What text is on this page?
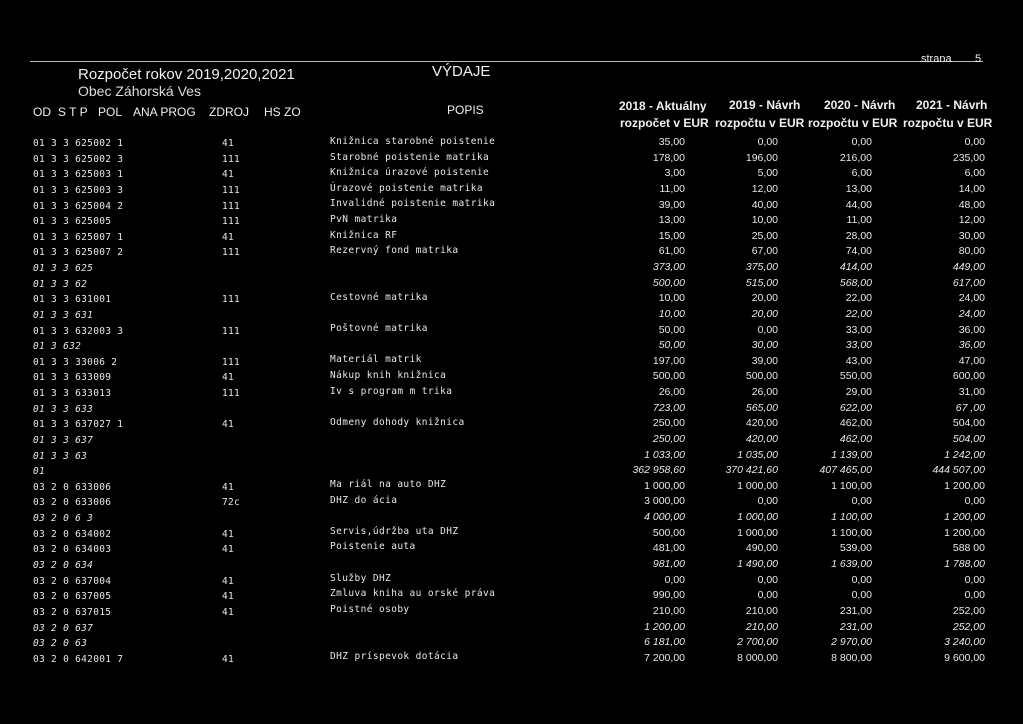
strana 5
Rozpočet rokov 2019,2020,2021
Obec Záhorská Ves
VÝDAJE
OD S T P POL ANA PROG ZDROJ HS ZO	POPIS	2018 - Aktuálny
rozpočet v EUR
2019 - Návrh
rozpočtu v EUR
2020 - Návrh
rozpočtu v EUR
2021 - Návrh
rozpočtu v EUR
01 3 3 625002 1	41	Knižnica starobné poistenie	35,00	0,00	0,00	0,00
01 3 3 625002 3	111	Starobné poistenie matrika	178,00	196,00	216,00	235,00
01 3 3 625003 1	41	Knižnica úrazové poistenie	3,00	5,00	6,00	6,00
01 3 3 625003 3	111	Úrazové poistenie matrika	11,00	12,00	13,00	14,00
01 3 3 625004 2	111	Invalidné poistenie matrika	39,00	40,00	44,00	48,00
01 3 3 625005	111	PvN matrika	13,00	10,00	11,00	12,00
01 3 3 625007 1	41	Knižnica RF	15,00	25,00	28,00	30,00
01 3 3 625007 2	111	Rezervný fond matrika	61,00	67,00	74,00	80,00
01 3 3 625	373,00	375,00	414,00	449,00
01 3 3 62	500,00	515,00	568,00	617,00
01 3 3 631001	111	Cestovné matrika	10,00	20,00	22,00	24,00
01 3 3 631	10,00	20,00	22,00	24,00
01 3 3 632003 3	111	Poštovné matrika	50,00	0,00	33,00	36,00
01 3 632	50,00	30,00	33,00	36,00
01 3 3 33006 2	111	Materiál matrik	197,00	39,00	43,00	47,00
01 3 3 633009	41	Nákup knih knižnica	500,00	500,00	550,00	600,00
01 3 3 633013	111	Iv s program m trika	26,00	26,00	29,00	31,00
01 3 3 633	723,00	565,00	622,00	67 ,00
01 3 3 637027 1	41	Odmeny dohody knižnica	250,00	420,00	462,00	504,00
01 3 3 637	250,00	420,00	462,00	504,00
01 3 3 63	1 033,00	1 035,00	1 139,00	1 242,00
01	362 958,60	370 421,60	407 465,00	444 507,00
03 2 0 633006	41	Ma riál na auto DHZ	1 000,00	1 000,00	1 100,00	1 200,00
03 2 0 633006	72c	DHZ do ácia	3 000,00	0,00	0,00	0,00
03 2 0 6 3	4 000,00	1 000,00	1 100,00	1 200,00
03 2 0 634002	41	Servis,údržba uta DHZ	500,00	1 000,00	1 100,00	1 200,00
03 2 0 634003	41	Poistenie auta	481,00	490,00	539,00	588 00
03 2 0 634	981,00	1 490,00	1 639,00	1 788,00
03 2 0 637004	41	Služby DHZ	0,00	0,00	0,00	0,00
03 2 0 637005	41	Zmluva kniha au orské práva	990,00	0,00	0,00	0,00
03 2 0 637015	41	Poistné osoby	210,00	210,00	231,00	252,00
03 2 0 637	1 200,00	210,00	231,00	252,00
03 2 0 63	6 181,00	2 700,00	2 970,00	3 240,00
03 2 0 642001 7	41	DHZ príspevok dotácia	7 200,00	8 000,00	8 800,00	9 600,00
